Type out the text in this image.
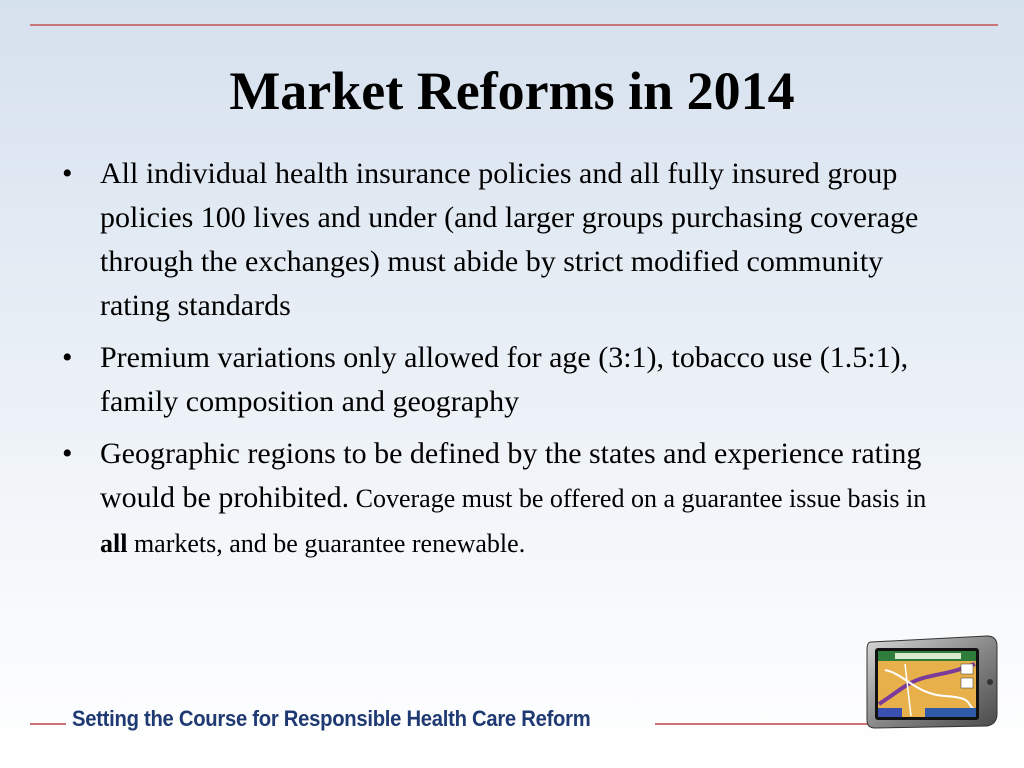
Market Reforms in 2014
• All individual health insurance policies and all fully insured group policies 100 lives and under (and larger groups purchasing coverage through the exchanges) must abide by strict modified community rating standards
• Premium variations only allowed for age (3:1), tobacco use (1.5:1), family composition and geography
• Geographic regions to be defined by the states and experience rating would be prohibited. Coverage must be offered on a guarantee issue basis in all markets, and be guarantee renewable.
Setting the Course for Responsible Health Care Reform
